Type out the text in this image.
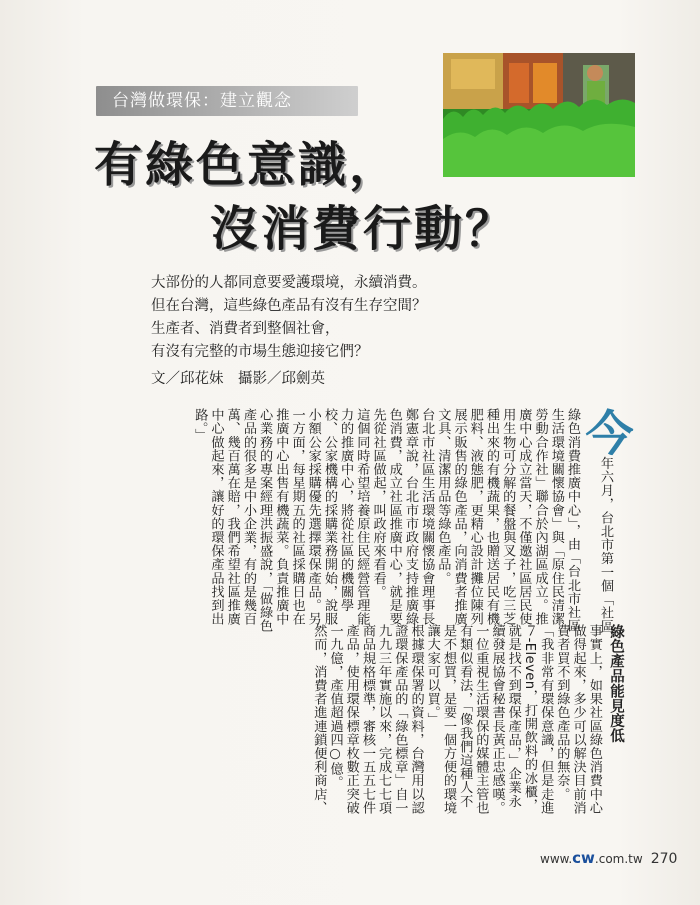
台灣做環保：建立觀念
有綠色意識，
沒消費行動？
大部份的人都同意要愛護環境，永續消費。
但在台灣，這些綠色產品有沒有生存空間？
生產者、消費者到整個社會，
有沒有完整的市場生態迎接它們？
文／邱花妹　攝影／邱劍英

今年六月，台北市第一個「社區綠色消費推廣中心」，由「台北市社區生活環境關懷協會」與「原住民清潔勞動合作社」聯合於內湖區成立。推廣中心成立當天，不僅邀社區居民使用生物可分解的餐盤與叉子，吃三芝種出來的有機蔬果，也贈送居民有機肥料、液態肥，更精心設計攤位陳列展示販售的綠色產品，向消費者推廣文具、清潔用品等綠色產品。

台北市社區生活環境關懷協會理事長鄭憲章說，台北市市政府支持推廣綠色消費，成立社區推廣中心，就是要先從社區做起，叫政府來看看。

這個同時希望培養原住民經營管理能力的推廣中心，將從社區的機關學校、公家機構的採購業務開始，說服小額公家採購優先選擇環保產品。另一方面，每星期五的社區採購日也在推廣中心出售有機蔬菜。負責推廣中心業務的專案經理洪振盛說，「做綠色產品的很多是中小企業，有的是幾百萬、幾百萬在賠，我們希望社區推廣中心做起來，讓好的環保產品找到出路。」

綠色產品能見度低

事實上，如果社區綠色消費中心做得起來，多少可以解決目前消費者買不到綠色產品的無奈。「我非常有環保意識，但是走進７-Eleven，打開飲料的冰櫃，就是找不到環保產品，」企業永續發展協會秘書長黃正忠感嘆。一位重視生活環保的媒體主管也有類似看法，「像我們這種人不是不想買，是要一個方便的環境讓大家可以買。」

根據環保署的資料，台灣用以認證環保產品的「綠色標章」自一九九三年實施以來，完成七七項商品規格標準，審核一五五七件產品，使用環保標章枚數正突破一九億，產值超過四○億。

然而，消費者進連鎖便利商店、

www.cw.com.tw 270
